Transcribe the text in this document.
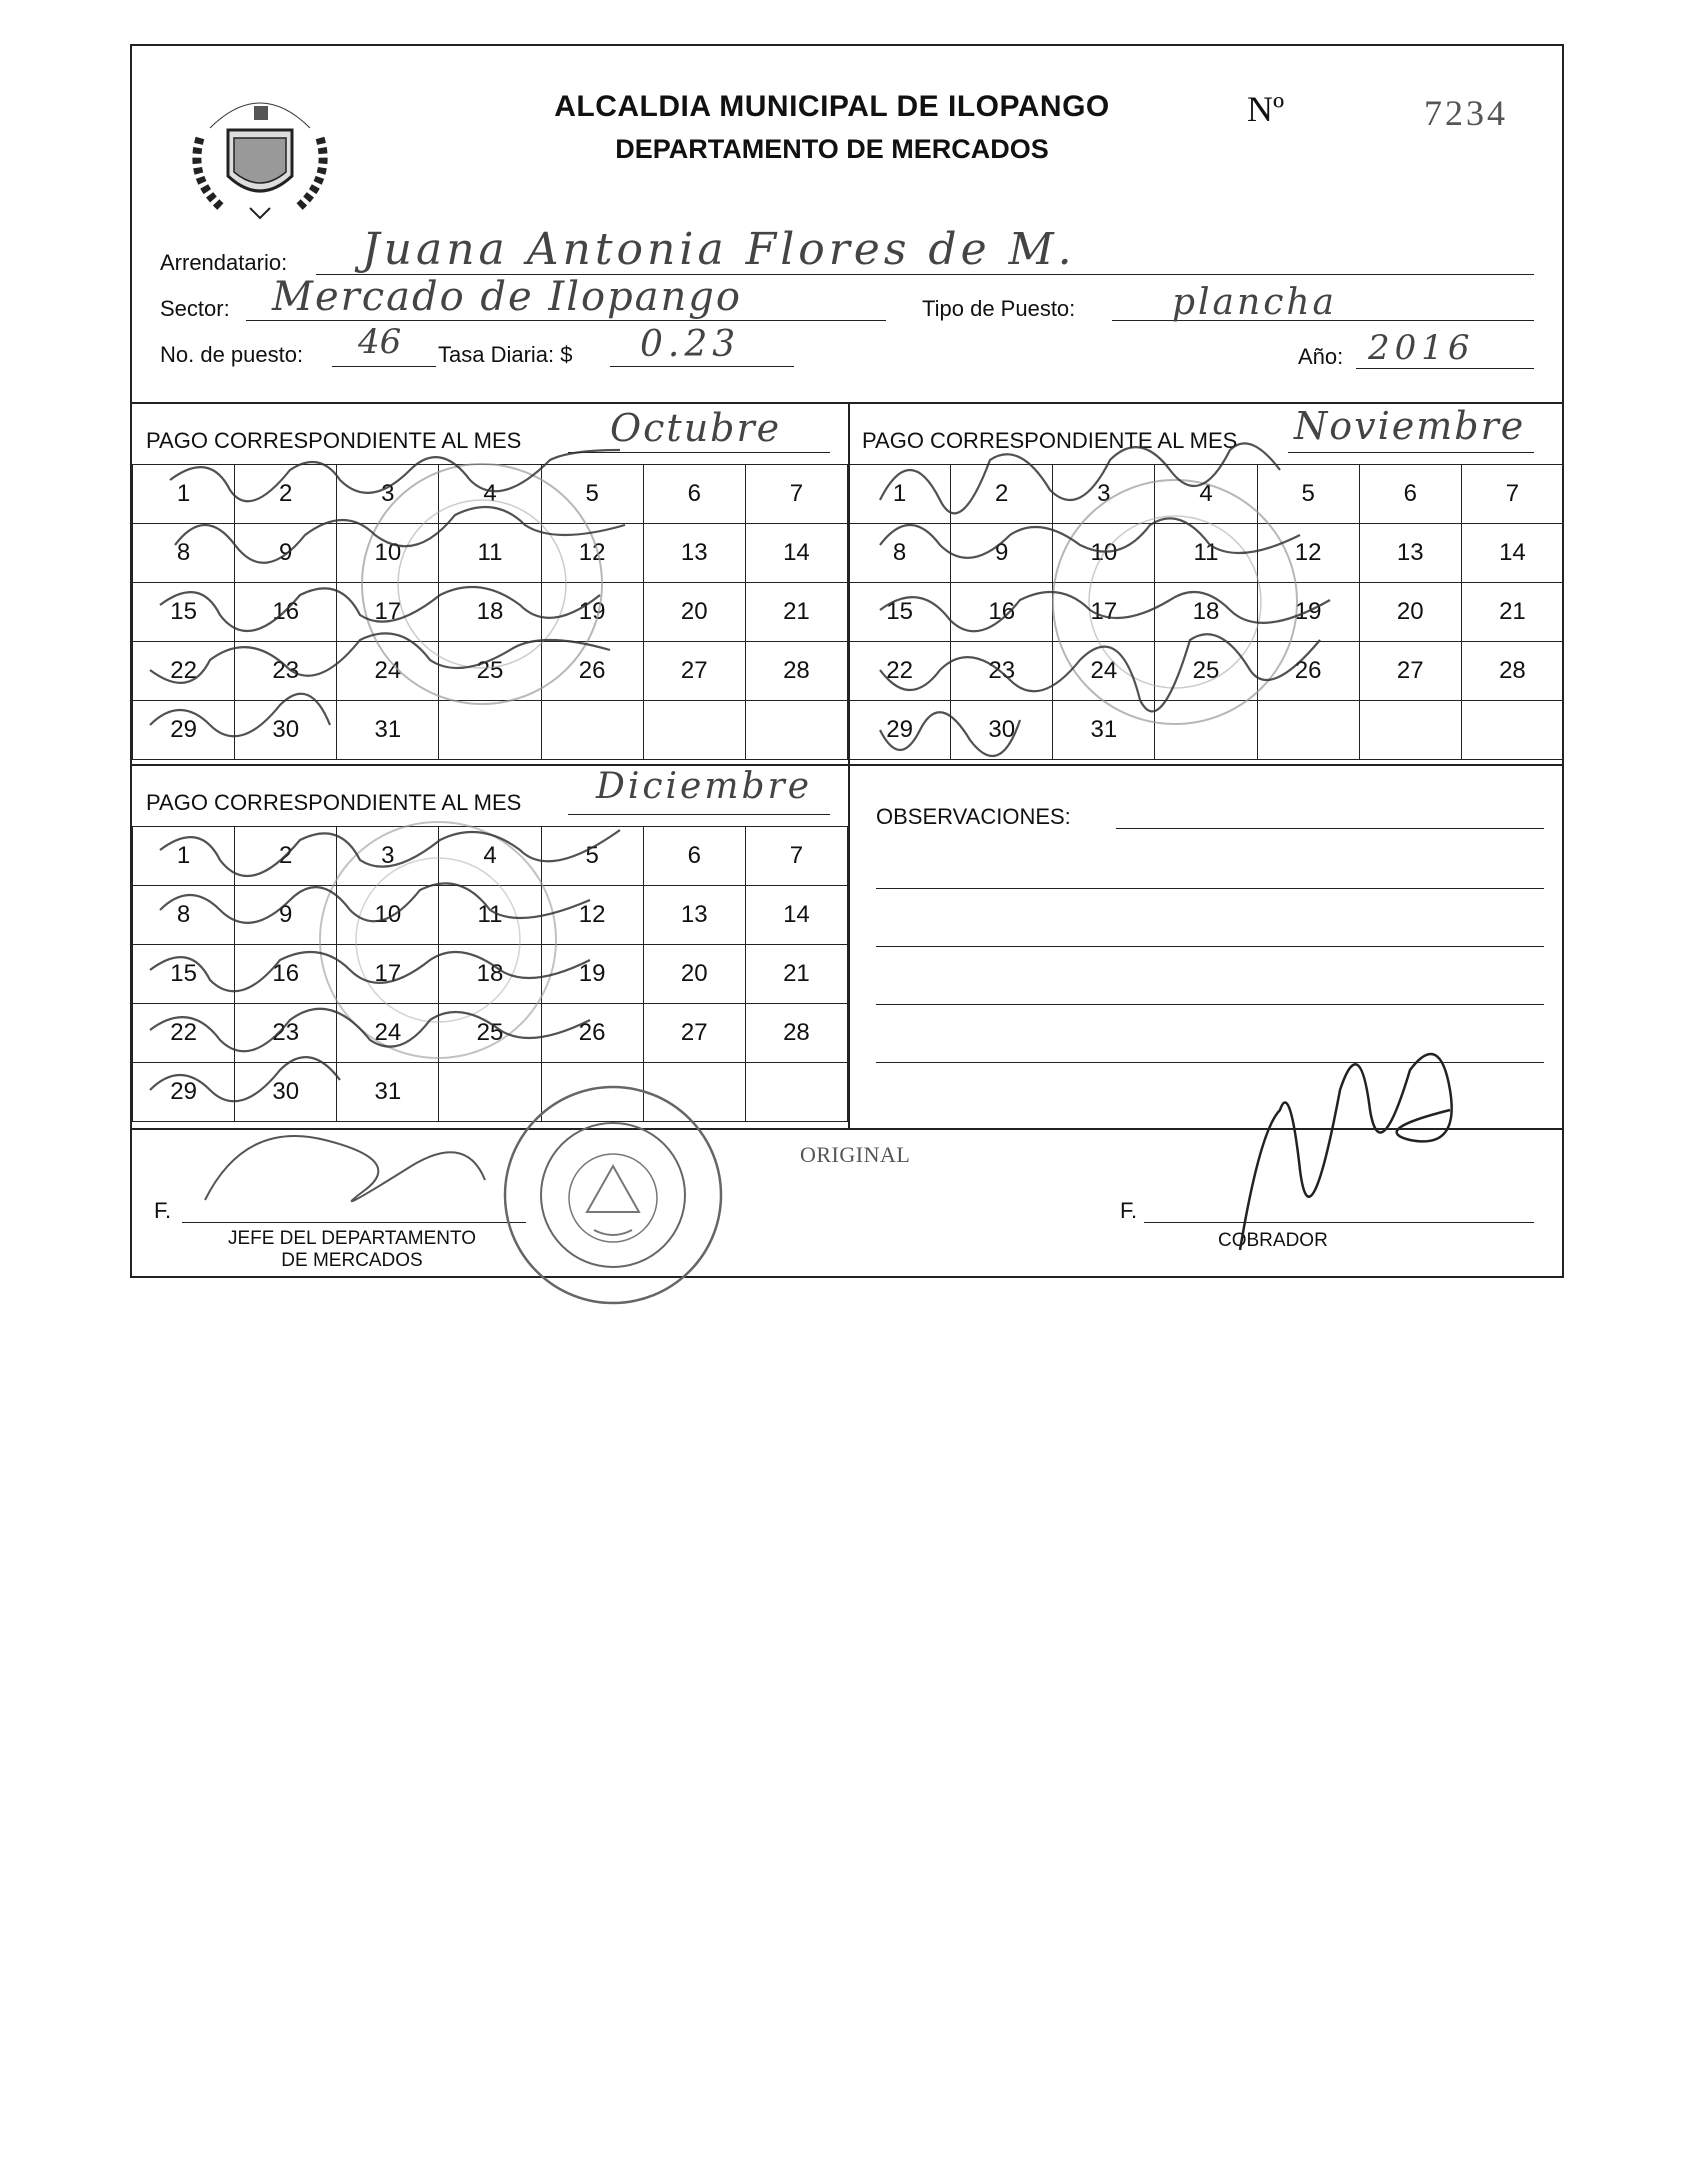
ALCALDIA MUNICIPAL DE ILOPANGO
DEPARTAMENTO DE MERCADOS
Nº	7234
Arrendatario: Juana Antonia Flores de M.
Sector: Mercado de Ilopango	Tipo de Puesto:	plancha
No. de puesto: 46 Tasa Diaria: $ 0.23	Año: 2016
PAGO CORRESPONDIENTE AL MES Octubre
1	2	3	4	5	6	7
8	9	10	11	12	13	14
15	16	17	18	19	20	21
22	23	24	25	26	27	28
29	30	31				
PAGO CORRESPONDIENTE AL MES Noviembre
1	2	3	4	5	6	7
8	9	10	11	12	13	14
15	16	17	18	19	20	21
22	23	24	25	26	27	28
29	30	31				
PAGO CORRESPONDIENTE AL MES Diciembre
1	2	3	4	5	6	7
8	9	10	11	12	13	14
15	16	17	18	19	20	21
22	23	24	25	26	27	28
29	30	31				
OBSERVACIONES:
F.
JEFE DEL DEPARTAMENTO
DE MERCADOS
ORIGINAL
F.
COBRADOR
